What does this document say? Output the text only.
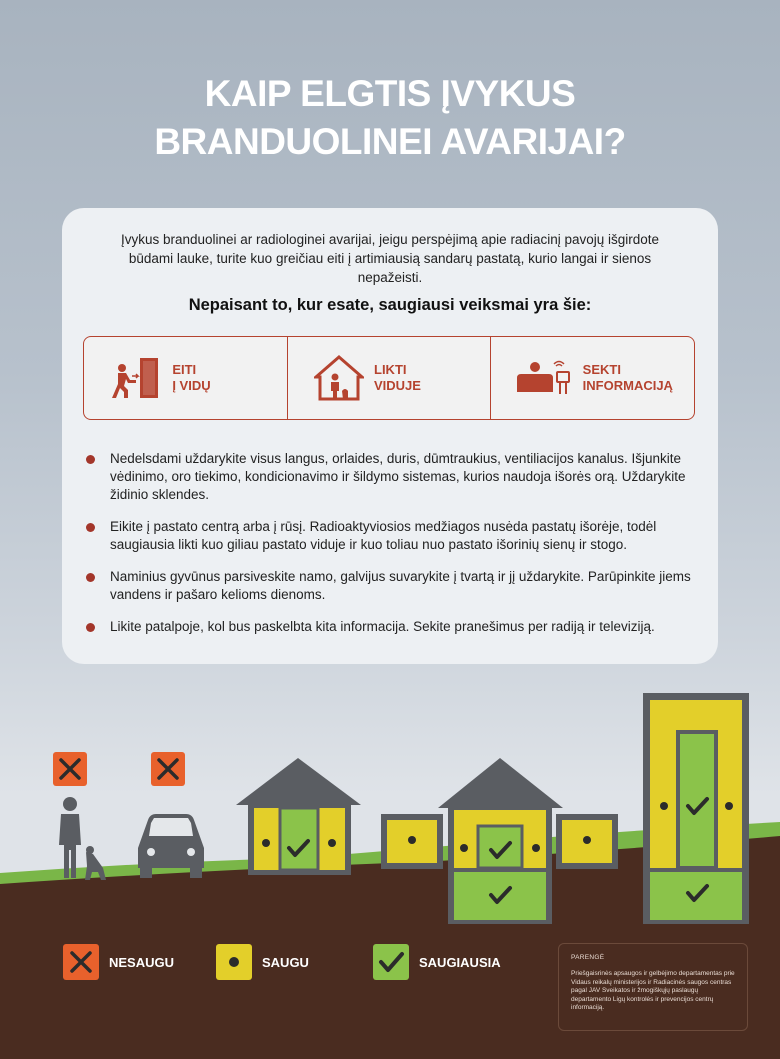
KAIP ELGTIS ĮVYKUS
BRANDUOLINEI AVARIJAI?
Įvykus branduolinei ar radiologinei avarijai, jeigu perspėjimą apie radiacinį pavojų išgirdote būdami lauke, turite kuo greičiau eiti į artimiausią sandarų pastatą, kurio langai ir sienos nepažeisti.
Nepaisant to, kur esate, saugiausi veiksmai yra šie:
EITI
Į VIDŲ
LIKTI
VIDUJE
SEKTI
INFORMACIJĄ
Nedelsdami uždarykite visus langus, orlaides, duris, dūmtraukius, ventiliacijos kanalus. Išjunkite vėdinimo, oro tiekimo, kondicionavimo ir šildymo sistemas, kurios naudoja išorės orą. Uždarykite židinio sklendes.
Eikite į pastato centrą arba į rūsį. Radioaktyviosios medžiagos nusėda pastatų išorėje, todėl saugiausia likti kuo giliau pastato viduje ir kuo toliau nuo pastato išorinių sienų ir stogo.
Naminius gyvūnus parsiveskite namo, galvijus suvarykite į tvartą ir jį uždarykite. Parūpinkite jiems vandens ir pašaro kelioms dienoms.
Likite patalpoje, kol bus paskelbta kita informacija. Sekite pranešimus per radiją ir televiziją.
NESAUGU	SAUGU	SAUGIAUSIA	PARENGĖ
Priešgaisrinės apsaugos ir gelbėjimo departamentas prie Vidaus reikalų ministerijos ir Radiacinės saugos centras pagal JAV Sveikatos ir žmogiškųjų paslaugų departamento Ligų kontrolės ir prevencijos centrų informaciją.
